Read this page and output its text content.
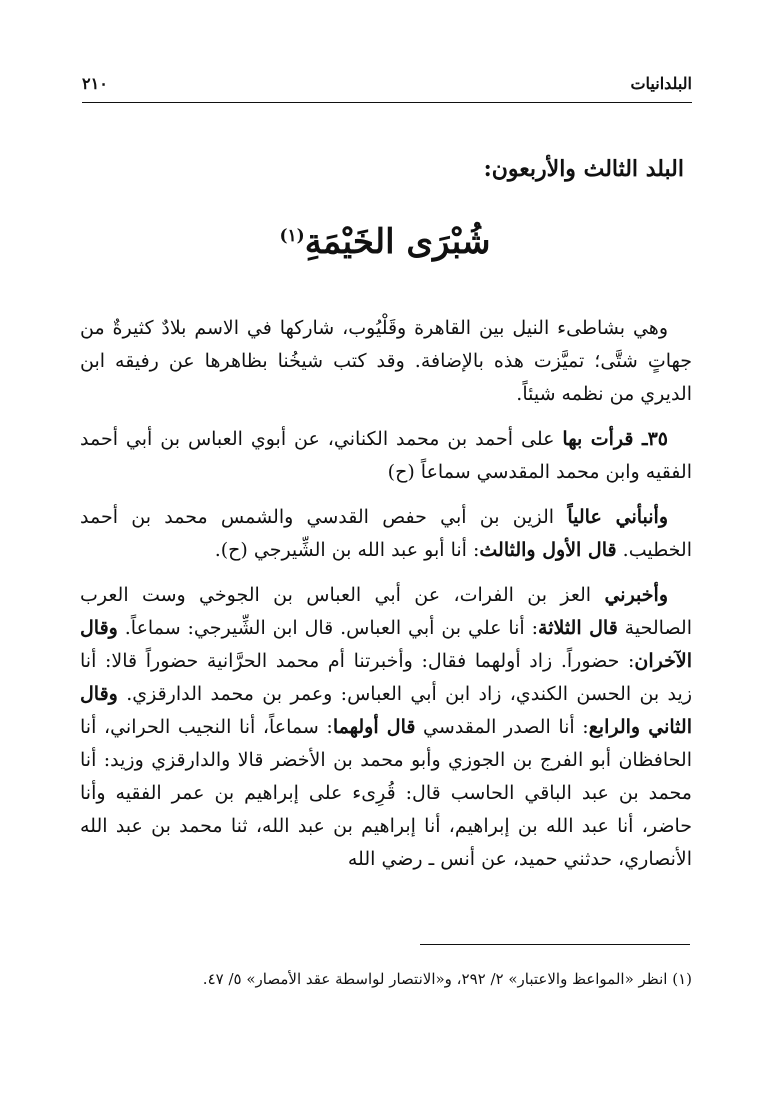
البلدانيات
٢١٠
البلد الثالث والأربعون:
شُبْرَى الخَيْمَةِ$^{(١)}$

وهي بشاطىء النيل بين القاهرة وقَلْيُوب، شاركها في الاسم بلادٌ كثيرةٌ من جهاتٍ شتَّى؛ تميَّزت هذه بالإضافة. وقد كتب شيخُنا بظاهرها عن رفيقه ابن الديري من نظمه شيئاً.

٣٥ـ قرأت بها على أحمد بن محمد الكناني، عن أبوي العباس بن أبي أحمد الفقيه وابن محمد المقدسي سماعاً (ح)

وأنبأني عالياً الزين بن أبي حفص القدسي والشمس محمد بن أحمد الخطيب. قال الأول والثالث: أنا أبو عبد الله بن الشِّيرجي (ح).

وأخبرني العز بن الفرات، عن أبي العباس بن الجوخي وست العرب الصالحية قال الثلاثة: أنا علي بن أبي العباس. قال ابن الشِّيرجي: سماعاً. وقال الآخران: حضوراً. زاد أولهما فقال: وأخبرتنا أم محمد الحرَّانية حضوراً قالا: أنا زيد بن الحسن الكندي، زاد ابن أبي العباس: وعمر بن محمد الدارقزي. وقال الثاني والرابع: أنا الصدر المقدسي قال أولهما: سماعاً، أنا النجيب الحراني، أنا الحافظان أبو الفرج بن الجوزي وأبو محمد بن الأخضر قالا والدارقزي وزيد: أنا محمد بن عبد الباقي الحاسب قال: قُرِىء على إبراهيم بن عمر الفقيه وأنا حاضر، أنا عبد الله بن إبراهيم، أنا إبراهيم بن عبد الله، ثنا محمد بن عبد الله الأنصاري، حدثني حميد، عن أنس ـ رضي الله

(١) انظر «المواعظ والاعتبار» ٢/ ٢٩٢، و«الانتصار لواسطة عقد الأمصار» ٥/ ٤٧.
